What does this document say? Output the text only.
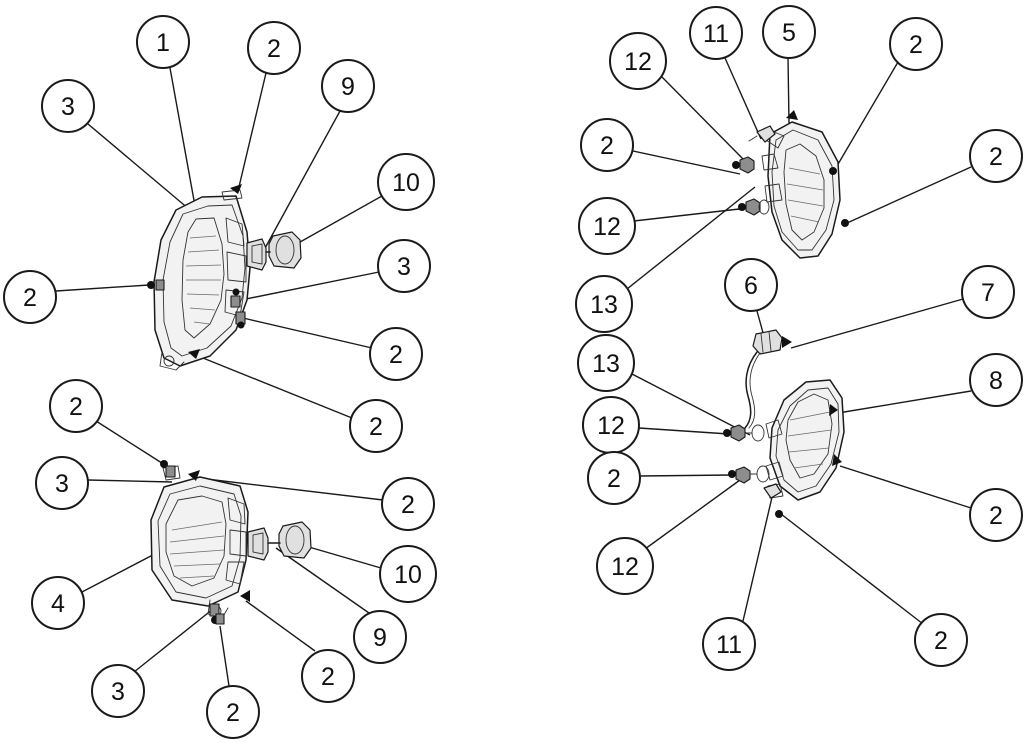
3
1	2
9
10
3
2
2
2
2
3
2
4
10
9
2
3
2
12
11 5	2
2	2
12
13
6	7
8
13
12
2
12
2
11	2
